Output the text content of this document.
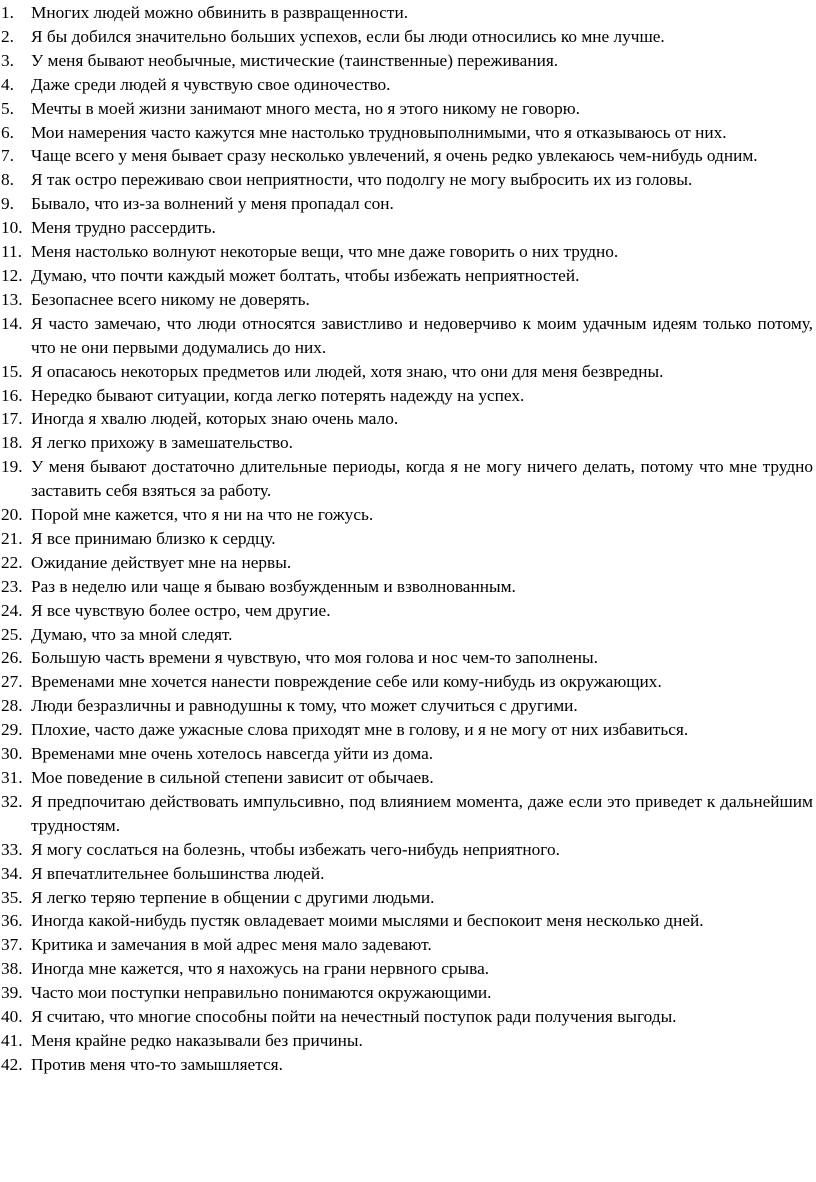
1. Многих людей можно обвинить в развращенности.
2. Я бы добился значительно больших успехов, если бы люди относились ко мне лучше.
3. У меня бывают необычные, мистические (таинственные) переживания.
4. Даже среди людей я чувствую свое одиночество.
5. Мечты в моей жизни занимают много места, но я этого никому не говорю.
6. Мои намерения часто кажутся мне настолько трудновыполнимыми, что я отказываюсь от них.
7. Чаще всего у меня бывает сразу несколько увлечений, я очень редко увлекаюсь чем-нибудь одним.
8. Я так остро переживаю свои неприятности, что подолгу не могу выбросить их из головы.
9. Бывало, что из-за волнений у меня пропадал сон.
10. Меня трудно рассердить.
11. Меня настолько волнуют некоторые вещи, что мне даже говорить о них трудно.
12. Думаю, что почти каждый может болтать, чтобы избежать неприятностей.
13. Безопаснее всего никому не доверять.
14. Я часто замечаю, что люди относятся завистливо и недоверчиво к моим удачным идеям только потому, что не они первыми додумались до них.
15. Я опасаюсь некоторых предметов или людей, хотя знаю, что они для меня безвредны.
16. Нередко бывают ситуации, когда легко потерять надежду на успех.
17. Иногда я хвалю людей, которых знаю очень мало.
18. Я легко прихожу в замешательство.
19. У меня бывают достаточно длительные периоды, когда я не могу ничего делать, потому что мне трудно заставить себя взяться за работу.
20. Порой мне кажется, что я ни на что не гожусь.
21. Я все принимаю близко к сердцу.
22. Ожидание действует мне на нервы.
23. Раз в неделю или чаще я бываю возбужденным и взволнованным.
24. Я все чувствую более остро, чем другие.
25. Думаю, что за мной следят.
26. Большую часть времени я чувствую, что моя голова и нос чем-то заполнены.
27. Временами мне хочется нанести повреждение себе или кому-нибудь из окружающих.
28. Люди безразличны и равнодушны к тому, что может случиться с другими.
29. Плохие, часто даже ужасные слова приходят мне в голову, и я не могу от них избавиться.
30. Временами мне очень хотелось навсегда уйти из дома.
31. Мое поведение в сильной степени зависит от обычаев.
32. Я предпочитаю действовать импульсивно, под влиянием момента, даже если это приведет к дальнейшим трудностям.
33. Я могу сослаться на болезнь, чтобы избежать чего-нибудь неприятного.
34. Я впечатлительнее большинства людей.
35. Я легко теряю терпение в общении с другими людьми.
36. Иногда какой-нибудь пустяк овладевает моими мыслями и беспокоит меня несколько дней.
37. Критика и замечания в мой адрес меня мало задевают.
38. Иногда мне кажется, что я нахожусь на грани нервного срыва.
39. Часто мои поступки неправильно понимаются окружающими.
40. Я считаю, что многие способны пойти на нечестный поступок ради получения выгоды.
41. Меня крайне редко наказывали без причины.
42. Против меня что-то замышляется.
